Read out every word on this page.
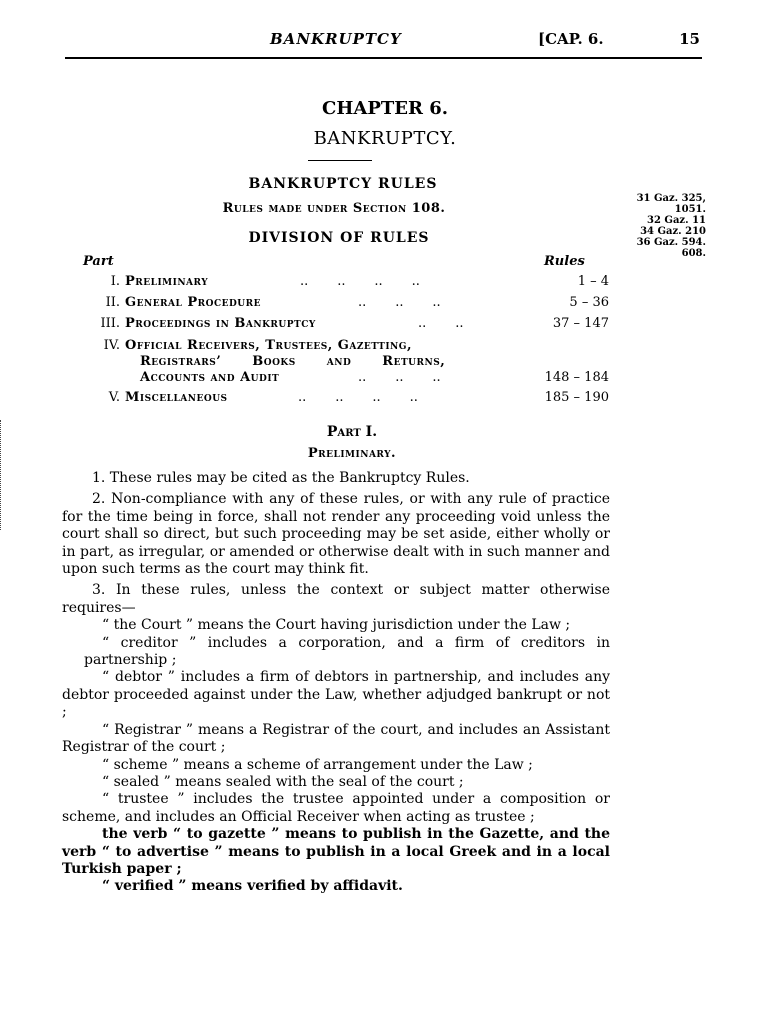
BANKRUPTCY	[CAP. 6.	15
CHAPTER 6.
BANKRUPTCY.
BANKRUPTCY RULES
Rules made under Section 108.
DIVISION OF RULES
31 Gaz. 325,
1051.
32 Gaz. 11
34 Gaz. 210
36 Gaz. 594.
608.
Part	Rules
I. Preliminary	..       ..       ..       ..	1 – 4
II. General Procedure	..       ..       ..	5 – 36
III. Proceedings in Bankruptcy	..       ..	37 – 147
IV. Official Receivers, Trustees, Gazetting,
Registrars’ Books and Returns,
Accounts and Audit	..       ..       ..	148 – 184
V. Miscellaneous	..       ..       ..       ..	185 – 190
Part I.
Preliminary.

1. These rules may be cited as the Bankruptcy Rules.

2. Non-compliance with any of these rules, or with any rule of practice for the time being in force, shall not render any proceeding void unless the court shall so direct, but such proceeding may be set aside, either wholly or in part, as irregular, or amended or otherwise dealt with in such manner and upon such terms as the court may think fit.

3. In these rules, unless the context or subject matter otherwise requires—

“ the Court ” means the Court having jurisdiction under the Law ;

“ creditor ” includes a corporation, and a firm of creditors in partnership ;

“ debtor ” includes a firm of debtors in partnership, and includes any debtor proceeded against under the Law, whether adjudged bankrupt or not ;

“ Registrar ” means a Registrar of the court, and includes an Assistant Registrar of the court ;

“ scheme ” means a scheme of arrangement under the Law ;

“ sealed ” means sealed with the seal of the court ;

“ trustee ” includes the trustee appointed under a composition or scheme, and includes an Official Receiver when acting as trustee ;

the verb “ to gazette ” means to publish in the Gazette, and the verb “ to advertise ” means to publish in a local Greek and in a local Turkish paper ;

“ verified ” means verified by affidavit.
